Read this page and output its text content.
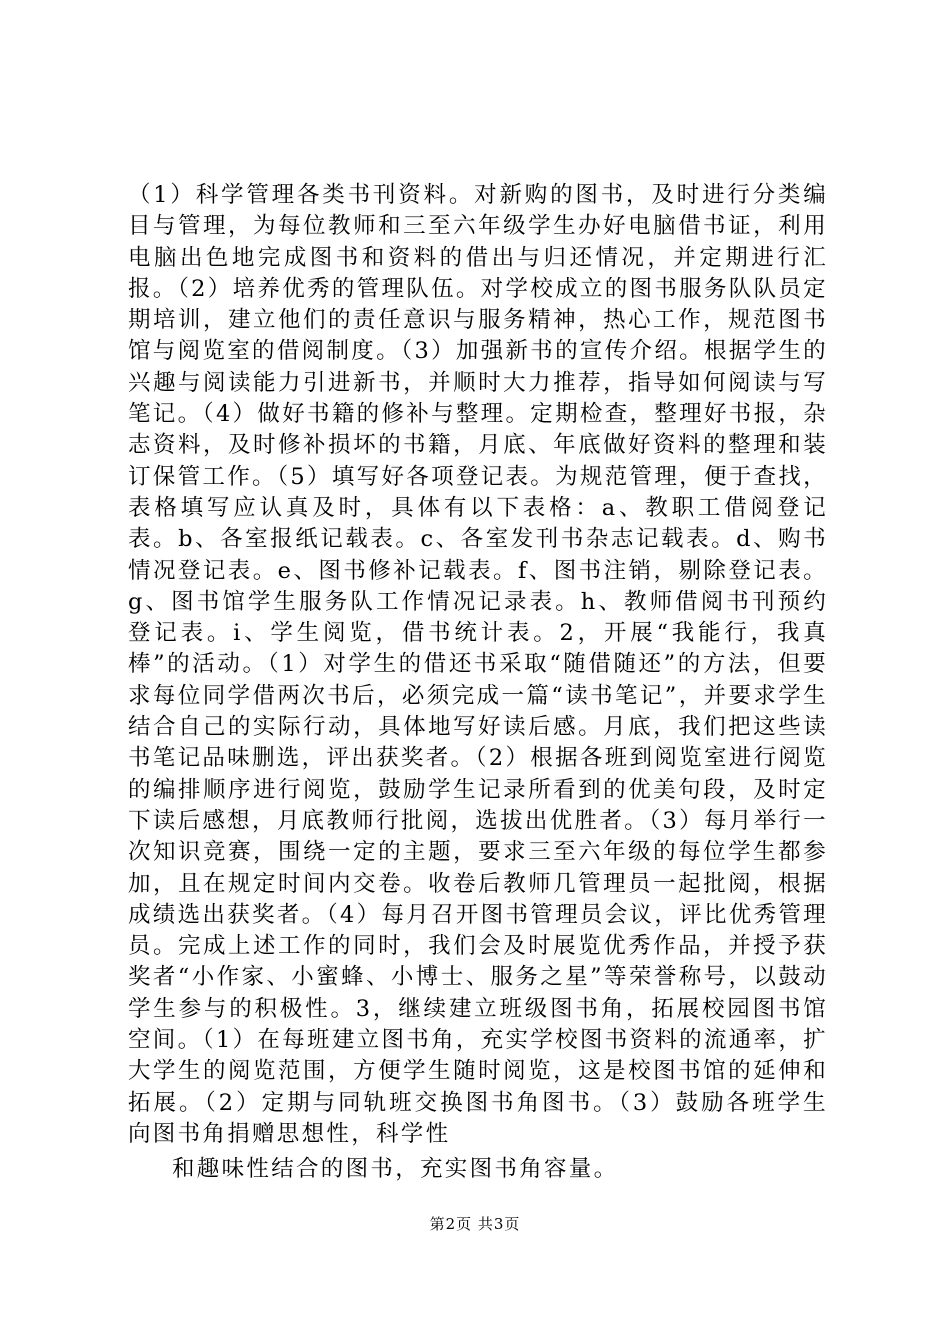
（1）科学管理各类书刊资料。对新购的图书，及时进行分类编目与管理，为每位教师和三至六年级学生办好电脑借书证，利用电脑出色地完成图书和资料的借出与归还情况，并定期进行汇报。（2）培养优秀的管理队伍。对学校成立的图书服务队队员定期培训，建立他们的责任意识与服务精神，热心工作，规范图书馆与阅览室的借阅制度。（3）加强新书的宣传介绍。根据学生的兴趣与阅读能力引进新书，并顺时大力推荐，指导如何阅读与写笔记。（4）做好书籍的修补与整理。定期检查，整理好书报，杂志资料，及时修补损坏的书籍，月底、年底做好资料的整理和装订保管工作。（5）填写好各项登记表。为规范管理，便于查找，表格填写应认真及时，具体有以下表格：a、教职工借阅登记表。b、各室报纸记载表。c、各室发刊书杂志记载表。d、购书情况登记表。e、图书修补记载表。f、图书注销，剔除登记表。g、图书馆学生服务队工作情况记录表。h、教师借阅书刊预约登记表。i、学生阅览，借书统计表。2，开展“我能行，我真棒”的活动。（1）对学生的借还书采取“随借随还”的方法，但要求每位同学借两次书后，必须完成一篇“读书笔记”，并要求学生结合自己的实际行动，具体地写好读后感。月底，我们把这些读书笔记品味删选，评出获奖者。（2）根据各班到阅览室进行阅览的编排顺序进行阅览，鼓励学生记录所看到的优美句段，及时定下读后感想，月底教师行批阅，选拔出优胜者。（3）每月举行一次知识竞赛，围绕一定的主题，要求三至六年级的每位学生都参加，且在规定时间内交卷。收卷后教师几管理员一起批阅，根据成绩选出获奖者。（4）每月召开图书管理员会议，评比优秀管理员。完成上述工作的同时，我们会及时展览优秀作品，并授予获奖者“小作家、小蜜蜂、小博士、服务之星”等荣誉称号，以鼓动学生参与的积极性。3，继续建立班级图书角，拓展校园图书馆空间。（1）在每班建立图书角，充实学校图书资料的流通率，扩大学生的阅览范围，方便学生随时阅览，这是校图书馆的延伸和拓展。（2）定期与同轨班交换图书角图书。（3）鼓励各班学生向图书角捐赠思想性，科学性

和趣味性结合的图书，充实图书角容量。

第2页 共3页
